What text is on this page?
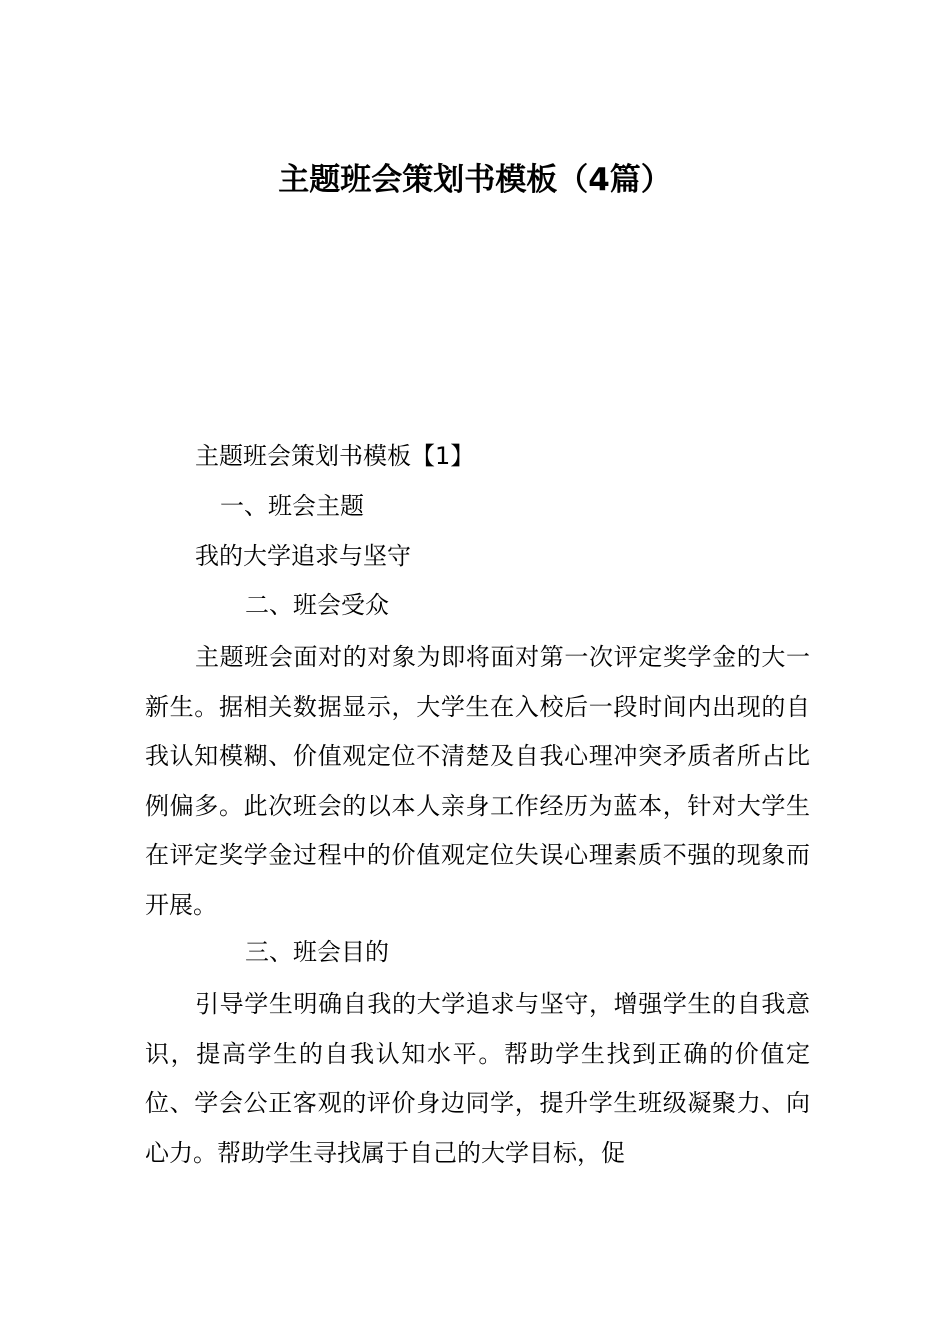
主题班会策划书模板（4篇）

主题班会策划书模板【1】

一、班会主题

我的大学追求与坚守

二、班会受众

主题班会面对的对象为即将面对第一次评定奖学金的大一新生。据相关数据显示，大学生在入校后一段时间内出现的自我认知模糊、价值观定位不清楚及自我心理冲突矛质者所占比例偏多。此次班会的以本人亲身工作经历为蓝本，针对大学生在评定奖学金过程中的价值观定位失误心理素质不强的现象而开展。

三、班会目的

引导学生明确自我的大学追求与坚守，增强学生的自我意识，提高学生的自我认知水平。帮助学生找到正确的价值定位、学会公正客观的评价身边同学，提升学生班级凝聚力、向心力。帮助学生寻找属于自己的大学目标，促
